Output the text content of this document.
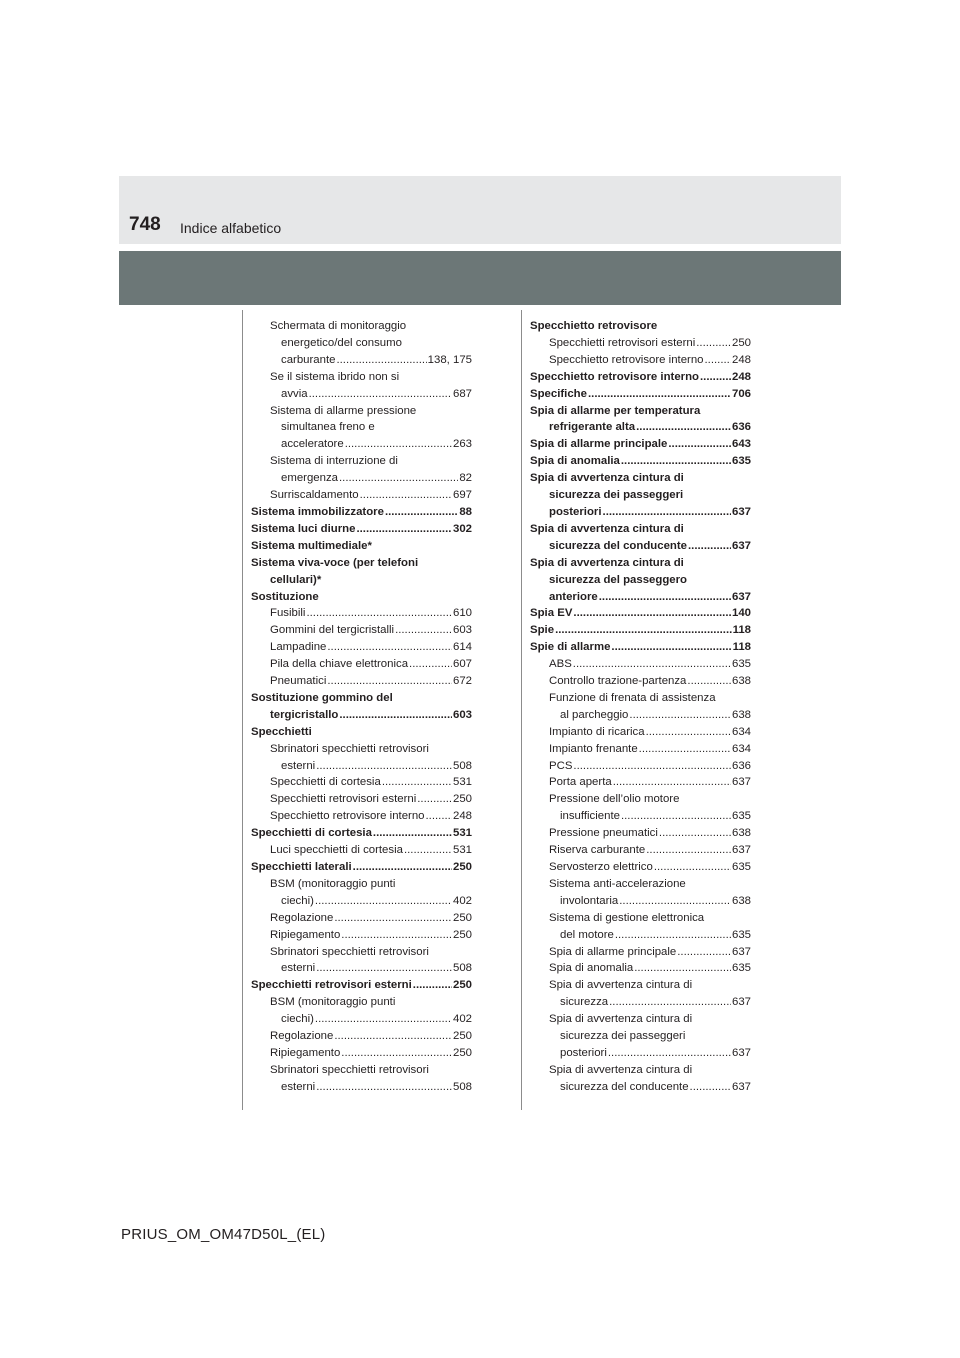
748 Indice alfabetico
Schermata di monitoraggio
energetico/del consumo
carburante .....	138, 175
Se il sistema ibrido non si
avvia .....	687
Sistema di allarme pressione
simultanea freno e
acceleratore .....	263
Sistema di interruzione di
emergenza .....	82
Surriscaldamento .....	697
Sistema immobilizzatore .....	88
Sistema luci diurne .....	302
Sistema multimediale*
Sistema viva-voce (per telefoni
cellulari)*
Sostituzione
Fusibili .....	610
Gommini del tergicristalli .....	603
Lampadine .....	614
Pila della chiave elettronica .....	607
Pneumatici .....	672
Sostituzione gommino del
tergicristallo .....	603
Specchietti
Sbrinatori specchietti retrovisori
esterni .....	508
Specchietti di cortesia .....	531
Specchietti retrovisori esterni .....	250
Specchietto retrovisore interno ..... 248
Specchietti di cortesia .....	531
Luci specchietti di cortesia .....	531
Specchietti laterali .....	250
BSM (monitoraggio punti
ciechi) .....	402
Regolazione .....	250
Ripiegamento .....	250
Sbrinatori specchietti retrovisori
esterni .....	508
Specchietti retrovisori esterni .....	250
BSM (monitoraggio punti
ciechi) .....	402
Regolazione .....	250
Ripiegamento .....	250
Sbrinatori specchietti retrovisori
esterni .....	508
Specchietto retrovisore
Specchietti retrovisori esterni .....	250
Specchietto retrovisore interno ..... 248
Specchietto retrovisore interno .....	248
Specifiche .....	706
Spia di allarme per temperatura
refrigerante alta .....	636
Spia di allarme principale .....	643
Spia di anomalia .....	635
Spia di avvertenza cintura di
sicurezza dei passeggeri
posteriori .....	637
Spia di avvertenza cintura di
sicurezza del conducente .....	637
Spia di avvertenza cintura di
sicurezza del passeggero
anteriore .....	637
Spia EV .....	140
Spie .....	118
Spie di allarme .....	118
ABS .....	635
Controllo trazione-partenza .....	638
Funzione di frenata di assistenza
al parcheggio .....	638
Impianto di ricarica .....	634
Impianto frenante .....	634
PCS .....	636
Porta aperta .....	637
Pressione dell’olio motore
insufficiente .....	635
Pressione pneumatici .....	638
Riserva carburante .....	637
Servosterzo elettrico .....	635
Sistema anti-accelerazione
involontaria .....	638
Sistema di gestione elettronica
del motore .....	635
Spia di allarme principale .....	637
Spia di anomalia .....	635
Spia di avvertenza cintura di
sicurezza .....	637
Spia di avvertenza cintura di
sicurezza dei passeggeri
posteriori .....	637
Spia di avvertenza cintura di
sicurezza del conducente .....	637
PRIUS_OM_OM47D50L_(EL)
